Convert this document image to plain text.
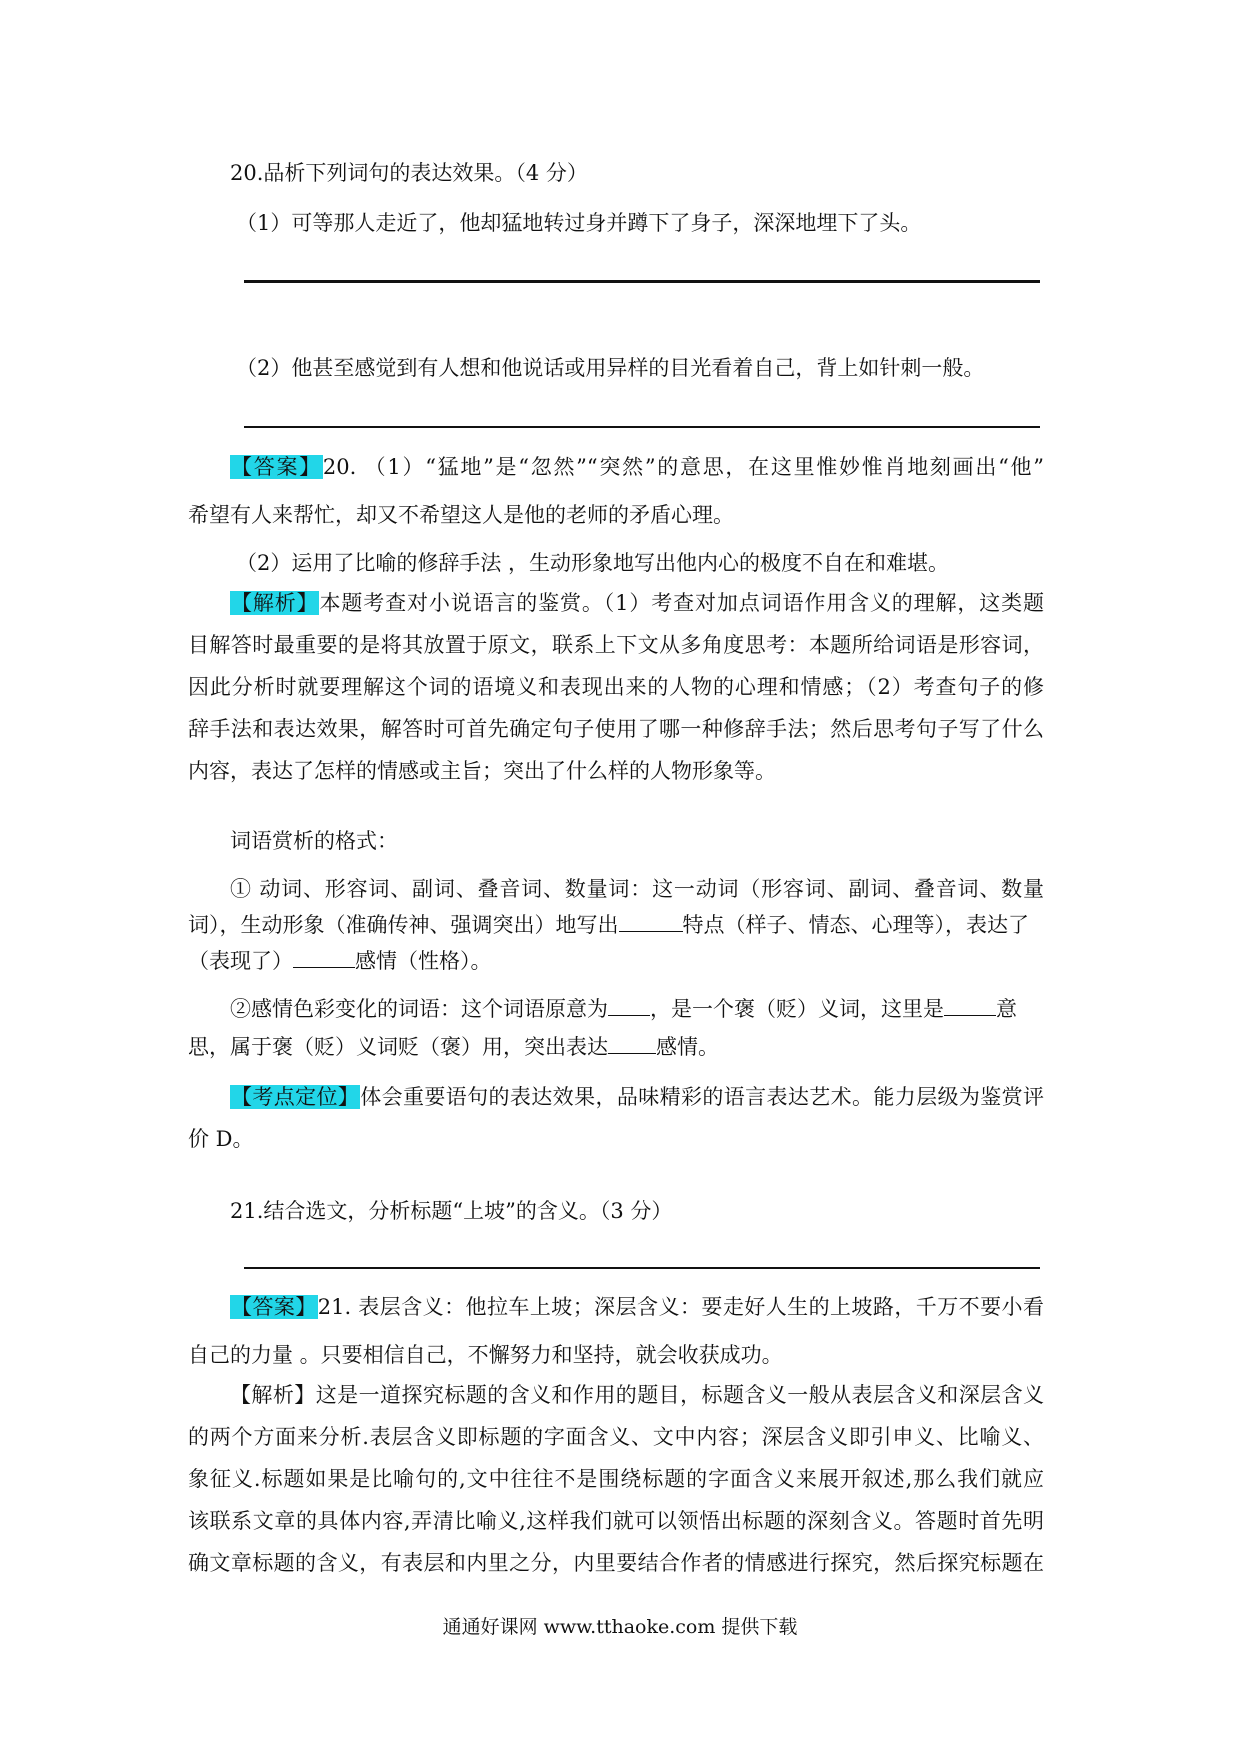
20.品析下列词句的表达效果。（4 分）
（1）可等那人走近了，他却猛地转过身并蹲下了身子，深深地埋下了头。
（2）他甚至感觉到有人想和他说话或用异样的目光看着自己，背上如针刺一般。
【答案】20. （1）“猛地”是“忽然”“突然”的意思，在这里惟妙惟肖地刻画出“他”
希望有人来帮忙，却又不希望这人是他的老师的矛盾心理。
（2）运用了比喻的修辞手法 ，生动形象地写出他内心的极度不自在和难堪。
【解析】本题考查对小说语言的鉴赏。（1）考查对加点词语作用含义的理解，这类题
目解答时最重要的是将其放置于原文，联系上下文从多角度思考：本题所给词语是形容词，
因此分析时就要理解这个词的语境义和表现出来的人物的心理和情感；（2）考查句子的修
辞手法和表达效果，解答时可首先确定句子使用了哪一种修辞手法；然后思考句子写了什么
内容，表达了怎样的情感或主旨；突出了什么样的人物形象等。
词语赏析的格式：
① 动词、形容词、副词、叠音词、数量词：这一动词（形容词、副词、叠音词、数量
词），生动形象（准确传神、强调突出）地写出	特点（样子、情态、心理等），表达了
（表现了）	感情（性格）。
②感情色彩变化的词语：这个词语原意为 ，是一个褒（贬）义词，这里是 意
思，属于褒（贬）义词贬（褒）用，突出表达 感情。
【考点定位】体会重要语句的表达效果，品味精彩的语言表达艺术。能力层级为鉴赏评
价 D。
21.结合选文，分析标题“上坡”的含义。（3 分）
【答案】21. 表层含义：他拉车上坡；深层含义：要走好人生的上坡路，千万不要小看
自己的力量 。只要相信自己，不懈努力和坚持，就会收获成功。
【解析】这是一道探究标题的含义和作用的题目，标题含义一般从表层含义和深层含义
的两个方面来分析.表层含义即标题的字面含义、文中内容；深层含义即引申义、比喻义、
象征义.标题如果是比喻句的,文中往往不是围绕标题的字面含义来展开叙述,那么我们就应
该联系文章的具体内容,弄清比喻义,这样我们就可以领悟出标题的深刻含义。答题时首先明
确文章标题的含义，有表层和内里之分，内里要结合作者的情感进行探究，然后探究标题在
通通好课网 www.tthaoke.com 提供下载
